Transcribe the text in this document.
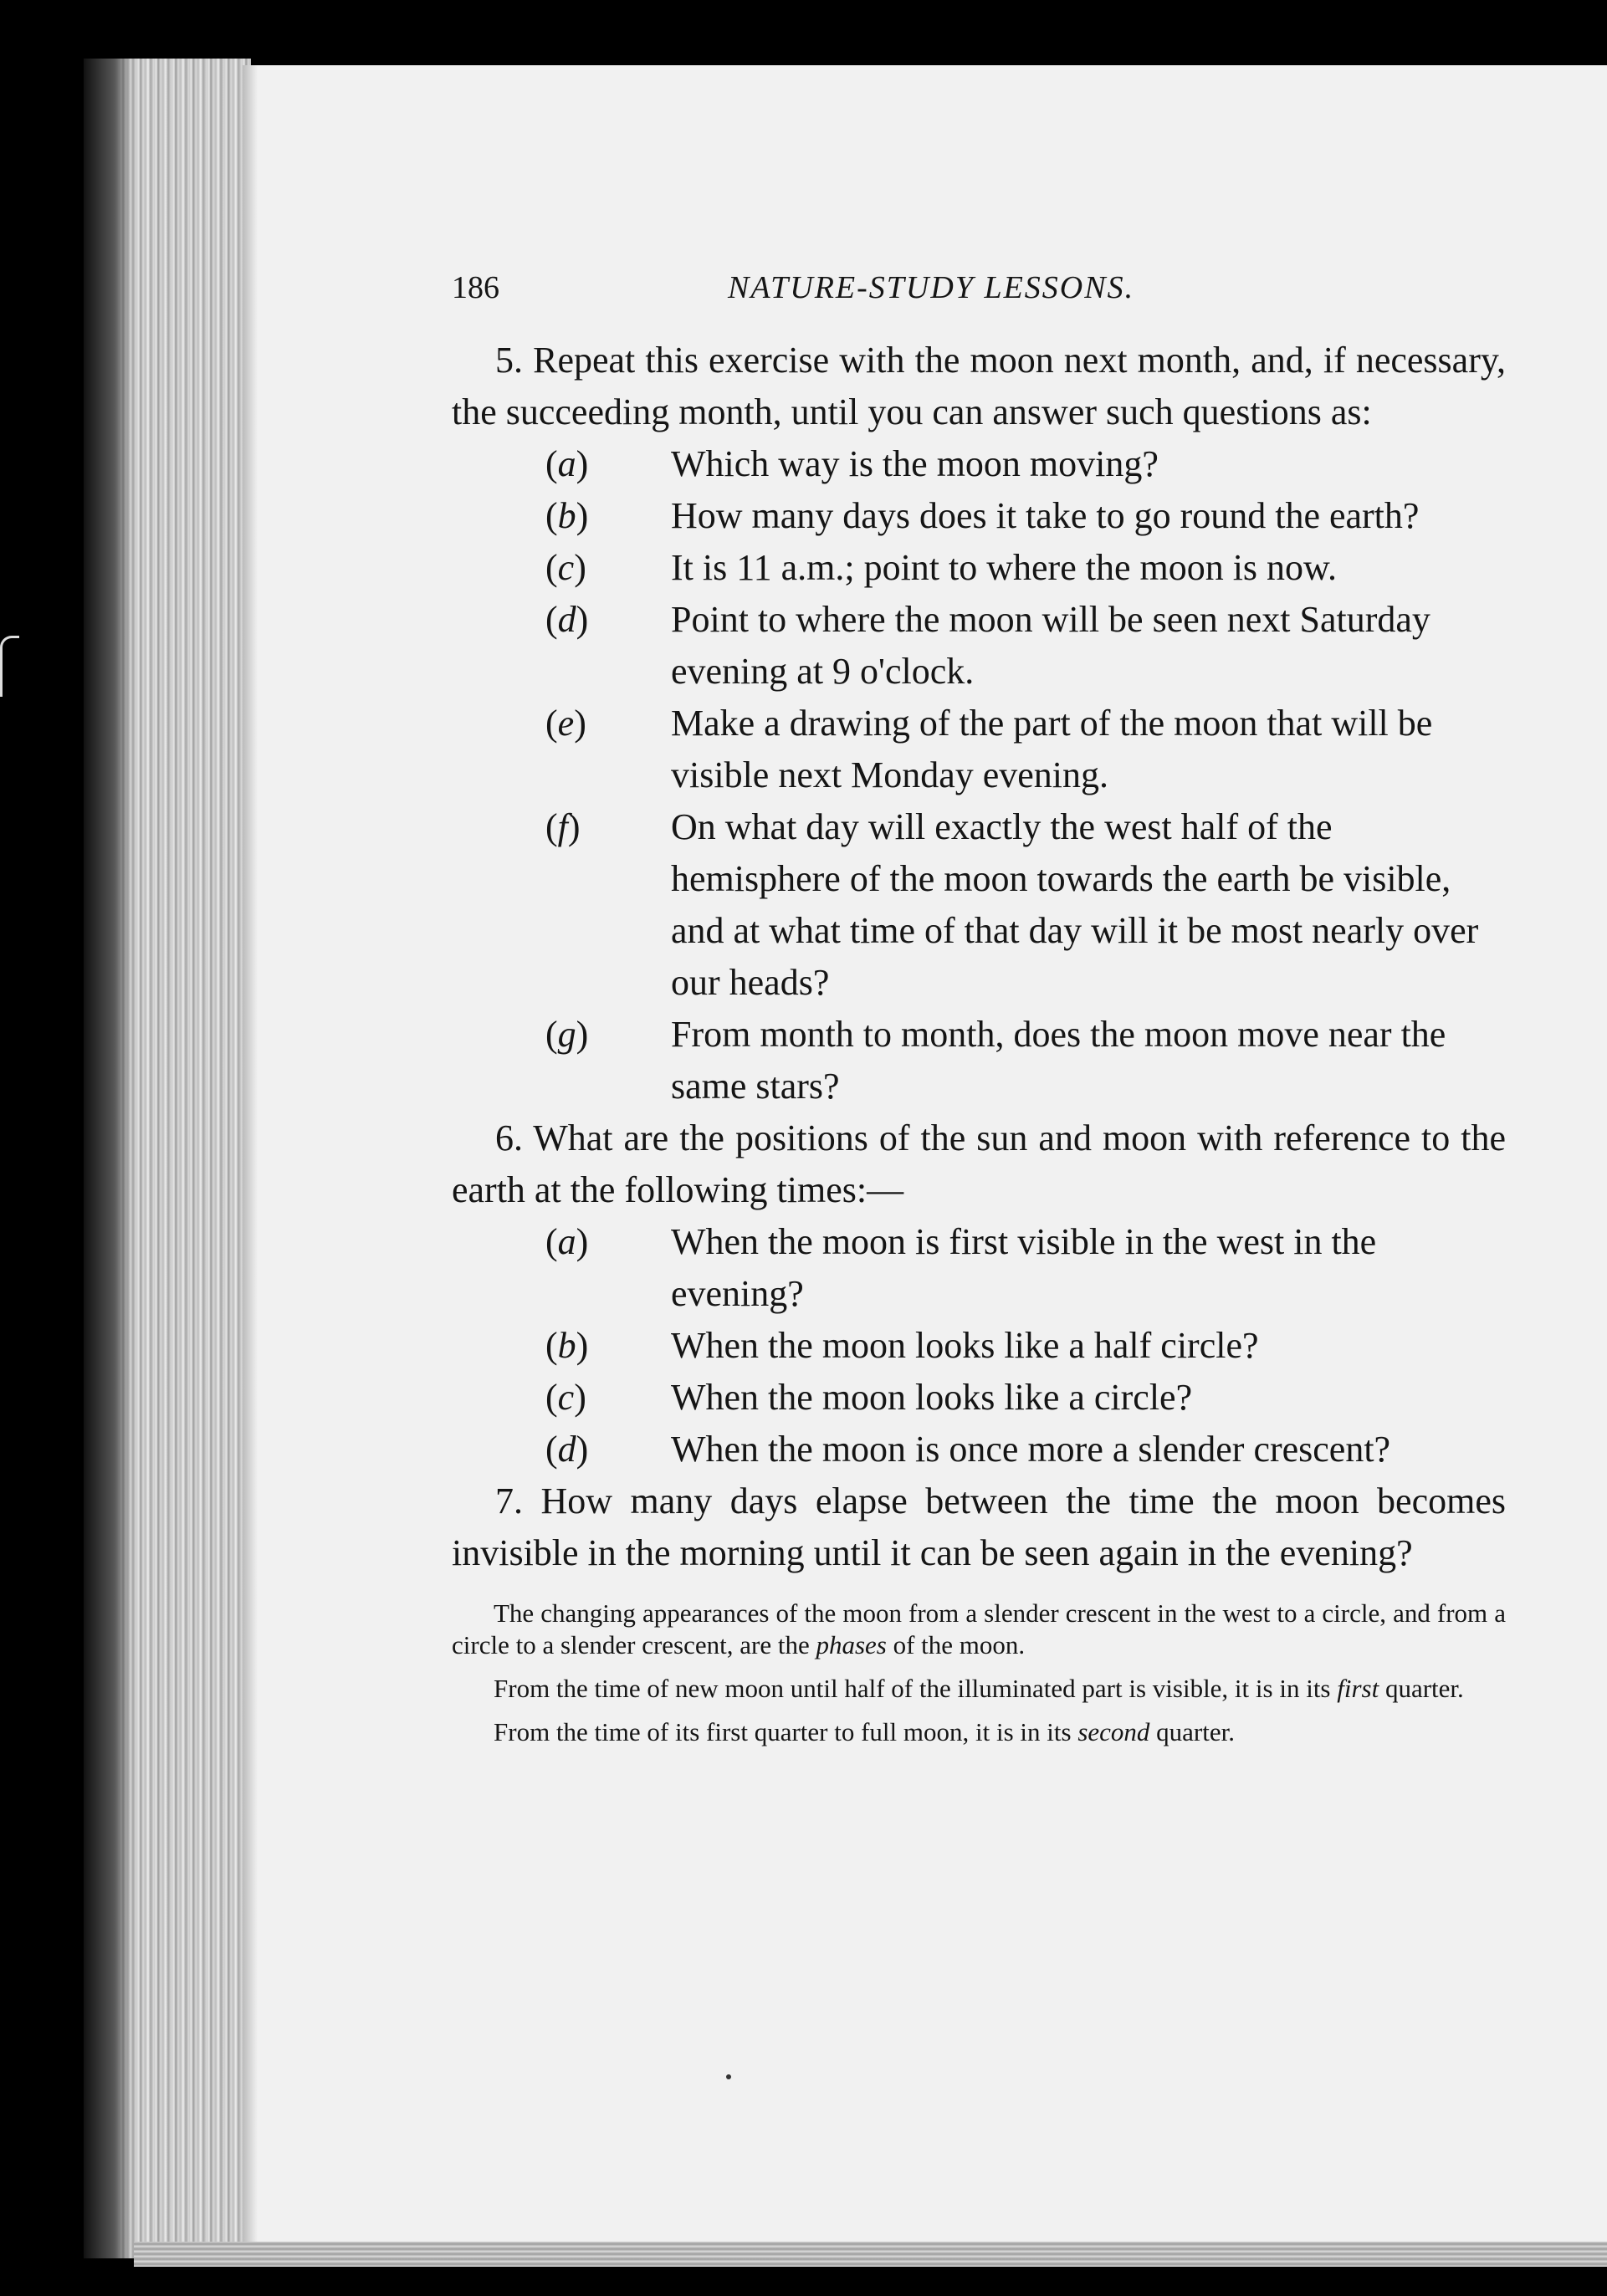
186	NATURE-STUDY LESSONS.

5. Repeat this exercise with the moon next month, and, if necessary, the succeeding month, until you can answer such questions as:

(a) Which way is the moon moving?

(b) How many days does it take to go round the earth?

(c) It is 11 a.m.; point to where the moon is now.

(d) Point to where the moon will be seen next Saturday evening at 9 o'clock.

(e) Make a drawing of the part of the moon that will be visible next Monday evening.

(f) On what day will exactly the west half of the hemisphere of the moon towards the earth be visible, and at what time of that day will it be most nearly over our heads?

(g) From month to month, does the moon move near the same stars?

6. What are the positions of the sun and moon with reference to the earth at the following times:—

(a) When the moon is first visible in the west in the evening?

(b) When the moon looks like a half circle?

(c) When the moon looks like a circle?

(d) When the moon is once more a slender crescent?

7. How many days elapse between the time the moon becomes invisible in the morning until it can be seen again in the evening?

The changing appearances of the moon from a slender crescent in the west to a circle, and from a circle to a slender crescent, are the phases of the moon.

From the time of new moon until half of the illuminated part is visible, it is in its first quarter.

From the time of its first quarter to full moon, it is in its second quarter.
